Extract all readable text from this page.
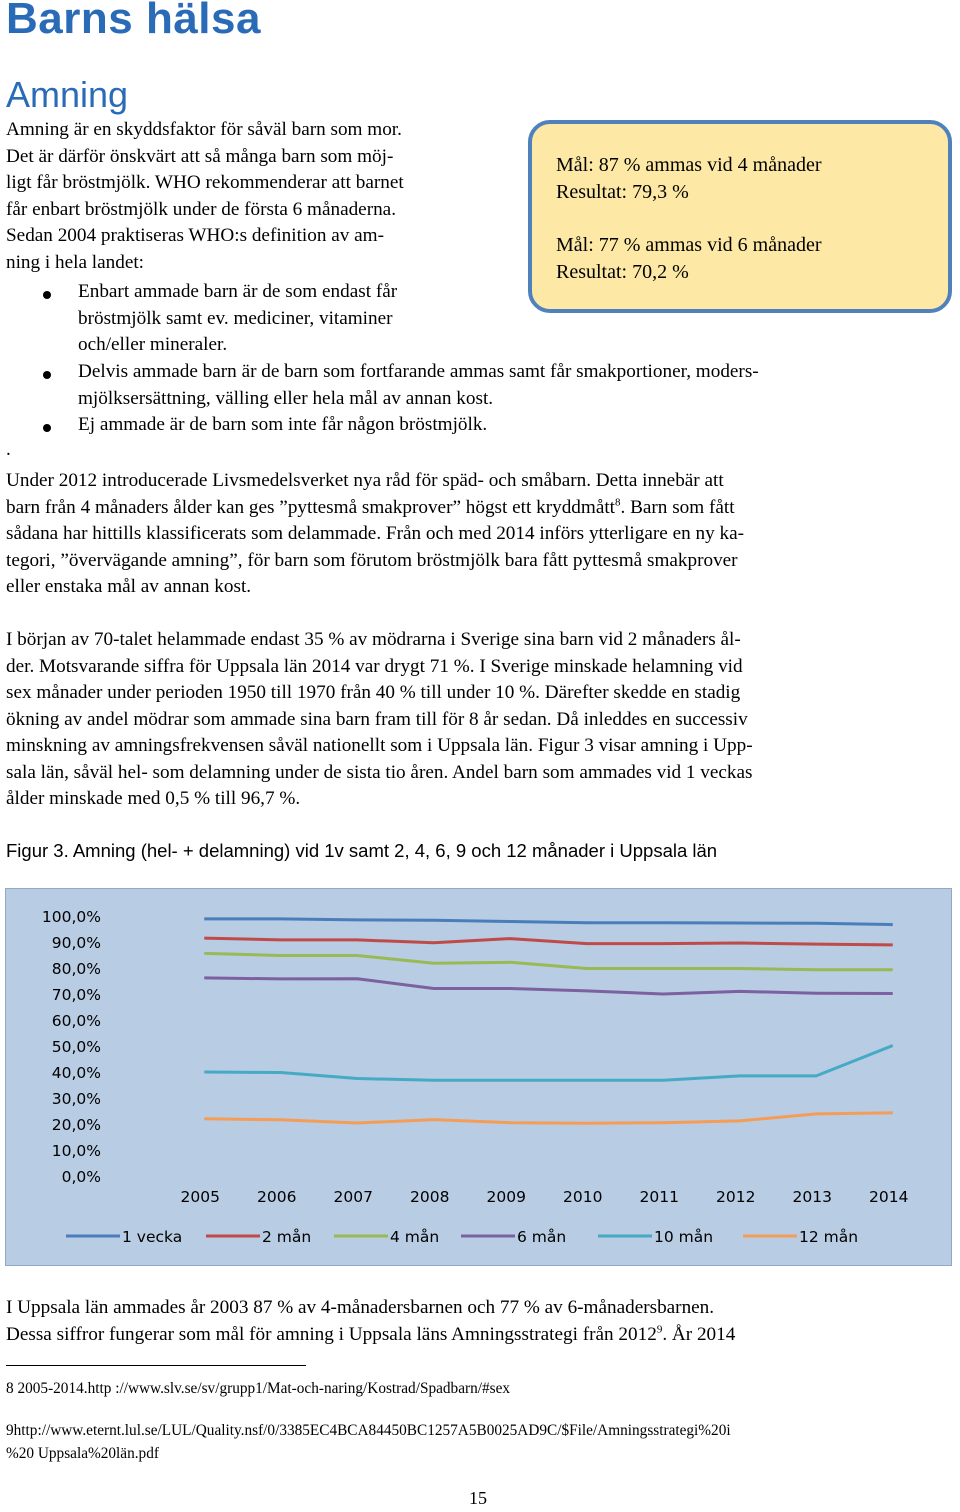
Barns hälsa
Amning
Amning är en skyddsfaktor för såväl barn som mor.
Det är därför önskvärt att så många barn som möj-
ligt får bröstmjölk. WHO rekommenderar att barnet
får enbart bröstmjölk under de första 6 månaderna.
Sedan 2004 praktiseras WHO:s definition av am-
ning i hela landet:
Enbart ammade barn är de som endast får
bröstmjölk samt ev. mediciner, vitaminer
och/eller mineraler.
Delvis ammade barn är de barn som fortfarande ammas samt får smakportioner, moders-
mjölksersättning, välling eller hela mål av annan kost.
Ej ammade är de barn som inte får någon bröstmjölk.
.
Mål: 87 % ammas vid 4 månader
Resultat: 79,3 %
Mål: 77 % ammas vid 6 månader
Resultat: 70,2 %
Under 2012 introducerade Livsmedelsverket nya råd för späd- och småbarn. Detta innebär att
barn från 4 månaders ålder kan ges ”pyttesmå smakprover” högst ett kryddmått$^8$. Barn som fått
sådana har hittills klassificerats som delammade. Från och med 2014 införs ytterligare en ny ka-
tegori, ”övervägande amning”, för barn som förutom bröstmjölk bara fått pyttesmå smakprover
eller enstaka mål av annan kost.
I början av 70-talet helammade endast 35 % av mödrarna i Sverige sina barn vid 2 månaders ål-
der. Motsvarande siffra för Uppsala län 2014 var drygt 71 %. I Sverige minskade helamning vid
sex månader under perioden 1950 till 1970 från 40 % till under 10 %. Därefter skedde en stadig
ökning av andel mödrar som ammade sina barn fram till för 8 år sedan. Då inleddes en successiv
minskning av amningsfrekvensen såväl nationellt som i Uppsala län. Figur 3 visar amning i Upp-
sala län, såväl hel- som delamning under de sista tio åren. Andel barn som ammades vid 1 veckas
ålder minskade med 0,5 % till 96,7 %.
Figur 3. Amning (hel- + delamning) vid 1v samt 2, 4, 6, 9 och 12 månader i Uppsala län
100,0%
90,0%
80,0%
70,0%
60,0%
50,0%
40,0%
30,0%
20,0%
10,0%
0,0%
2005 2006 2007 2008 2009 2010 2011 2012 2013 2014
1 vecka	2 mån	4 mån	6 mån	10 mån	12 mån
I Uppsala län ammades år 2003 87 % av 4-månadersbarnen och 77 % av 6-månadersbarnen.
Dessa siffror fungerar som mål för amning i Uppsala läns Amningsstrategi från 2012$^9$. År 2014
8 2005-2014.http ://www.slv.se/sv/grupp1/Mat-och-naring/Kostrad/Spadbarn/#sex
9http://www.eternt.lul.se/LUL/Quality.nsf/0/3385EC4BCA84450BC1257A5B0025AD9C/$File/Amningsstrategi%20i
%20 Uppsala%20län.pdf
15
